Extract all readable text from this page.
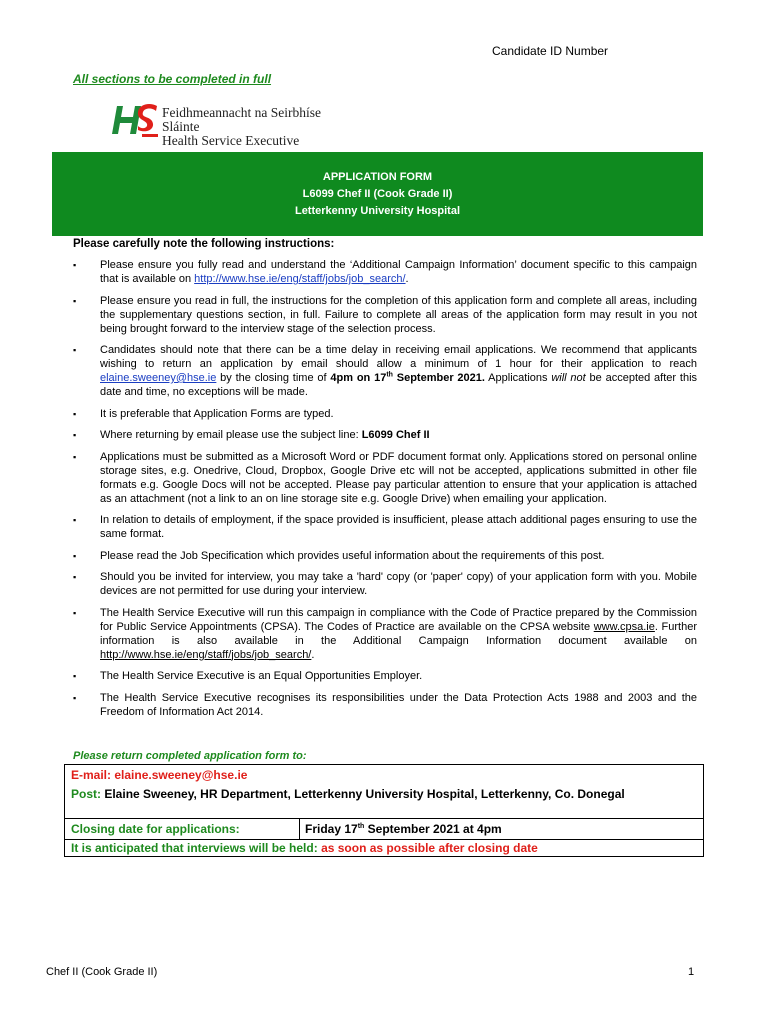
Candidate ID Number
All sections to be completed in full
Feidhmeannacht na Seirbhíse Sláinte
Health Service Executive
APPLICATION FORM
L6099 Chef II (Cook Grade II)
Letterkenny University Hospital
Please carefully note the following instructions:
▪ Please ensure you fully read and understand the ‘Additional Campaign Information’ document specific to this campaign that is available on http://www.hse.ie/eng/staff/jobs/job_search/.
▪ Please ensure you read in full, the instructions for the completion of this application form and complete all areas, including the supplementary questions section, in full. Failure to complete all areas of the application form may result in you not being brought forward to the interview stage of the selection process.
▪ Candidates should note that there can be a time delay in receiving email applications. We recommend that applicants wishing to return an application by email should allow a minimum of 1 hour for their application to reach elaine.sweeney@hse.ie by the closing time of 4pm on 17th September 2021. Applications will not be accepted after this date and time, no exceptions will be made.
▪ It is preferable that Application Forms are typed.
▪ Where returning by email please use the subject line: L6099 Chef II
▪ Applications must be submitted as a Microsoft Word or PDF document format only. Applications stored on personal online storage sites, e.g. Onedrive, Cloud, Dropbox, Google Drive etc will not be accepted, applications submitted in other file formats e.g. Google Docs will not be accepted. Please pay particular attention to ensure that your application is attached as an attachment (not a link to an on line storage site e.g. Google Drive) when emailing your application.
▪ In relation to details of employment, if the space provided is insufficient, please attach additional pages ensuring to use the same format.
▪ Please read the Job Specification which provides useful information about the requirements of this post.
▪ Should you be invited for interview, you may take a 'hard' copy (or 'paper' copy) of your application form with you. Mobile devices are not permitted for use during your interview.
▪ The Health Service Executive will run this campaign in compliance with the Code of Practice prepared by the Commission for Public Service Appointments (CPSA). The Codes of Practice are available on the CPSA website www.cpsa.ie. Further information is also available in the Additional Campaign Information document available on http://www.hse.ie/eng/staff/jobs/job_search/.
▪ The Health Service Executive is an Equal Opportunities Employer.
▪ The Health Service Executive recognises its responsibilities under the Data Protection Acts 1988 and 2003 and the Freedom of Information Act 2014.
Please return completed application form to:
E-mail: elaine.sweeney@hse.ie
Post: Elaine Sweeney, HR Department, Letterkenny University Hospital, Letterkenny, Co. Donegal
Closing date for applications:	Friday 17th September 2021 at 4pm
It is anticipated that interviews will be held: as soon as possible after closing date
Chef II (Cook Grade II)	1
